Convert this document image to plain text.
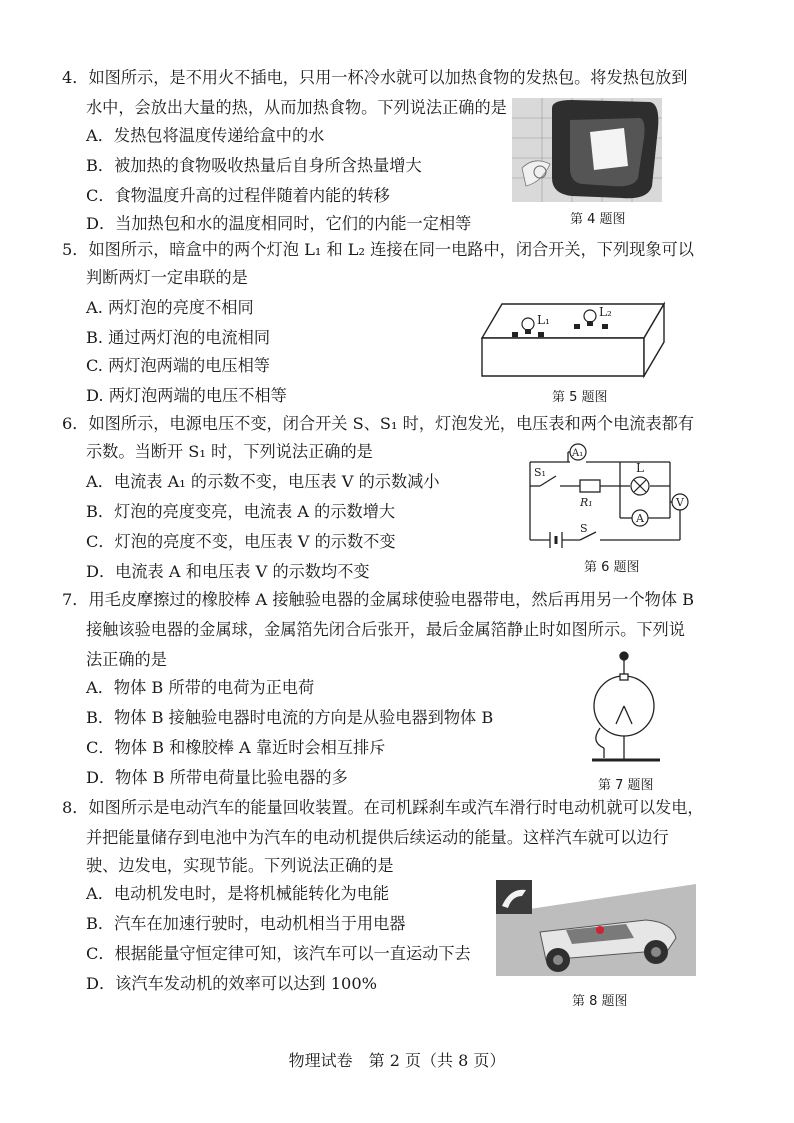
4．如图所示，是不用火不插电，只用一杯冷水就可以加热食物的发热包。将发热包放到
水中，会放出大量的热，从而加热食物。下列说法正确的是
A．发热包将温度传递给盒中的水
B．被加热的食物吸收热量后自身所含热量增大
C．食物温度升高的过程伴随着内能的转移
D．当加热包和水的温度相同时，它们的内能一定相等	第 4 题图
5．如图所示，暗盒中的两个灯泡 L₁ 和 L₂ 连接在同一电路中，闭合开关，下列现象可以
判断两灯一定串联的是
A. 两灯泡的亮度不相同
B. 通过两灯泡的电流相同
C. 两灯泡两端的电压相等
D. 两灯泡两端的电压不相等
L₁
L₂
第 5 题图
6．如图所示，电源电压不变，闭合开关 S、S₁ 时，灯泡发光，电压表和两个电流表都有
示数。当断开 S₁ 时，下列说法正确的是
A．电流表 A₁ 的示数不变，电压表 V 的示数减小
B．灯泡的亮度变亮，电流表 A 的示数增大
C．灯泡的亮度不变，电压表 V 的示数不变
D．电流表 A 和电压表 V 的示数均不变
A₁
L
S₁
R₁	V
A
S
第 6 题图
7．用毛皮摩擦过的橡胶棒 A 接触验电器的金属球使验电器带电，然后再用另一个物体 B
接触该验电器的金属球，金属箔先闭合后张开，最后金属箔静止时如图所示。下列说
法正确的是
A．物体 B 所带的电荷为正电荷
B．物体 B 接触验电器时电流的方向是从验电器到物体 B
C．物体 B 和橡胶棒 A 靠近时会相互排斥
D．物体 B 所带电荷量比验电器的多	第 7 题图
8．如图所示是电动汽车的能量回收装置。在司机踩刹车或汽车滑行时电动机就可以发电，
并把能量储存到电池中为汽车的电动机提供后续运动的能量。这样汽车就可以边行
驶、边发电，实现节能。下列说法正确的是
A．电动机发电时，是将机械能转化为电能
B．汽车在加速行驶时，电动机相当于用电器
C．根据能量守恒定律可知，该汽车可以一直运动下去
D．该汽车发动机的效率可以达到 100%
第 8 题图
物理试卷　第 2 页（共 8 页）
